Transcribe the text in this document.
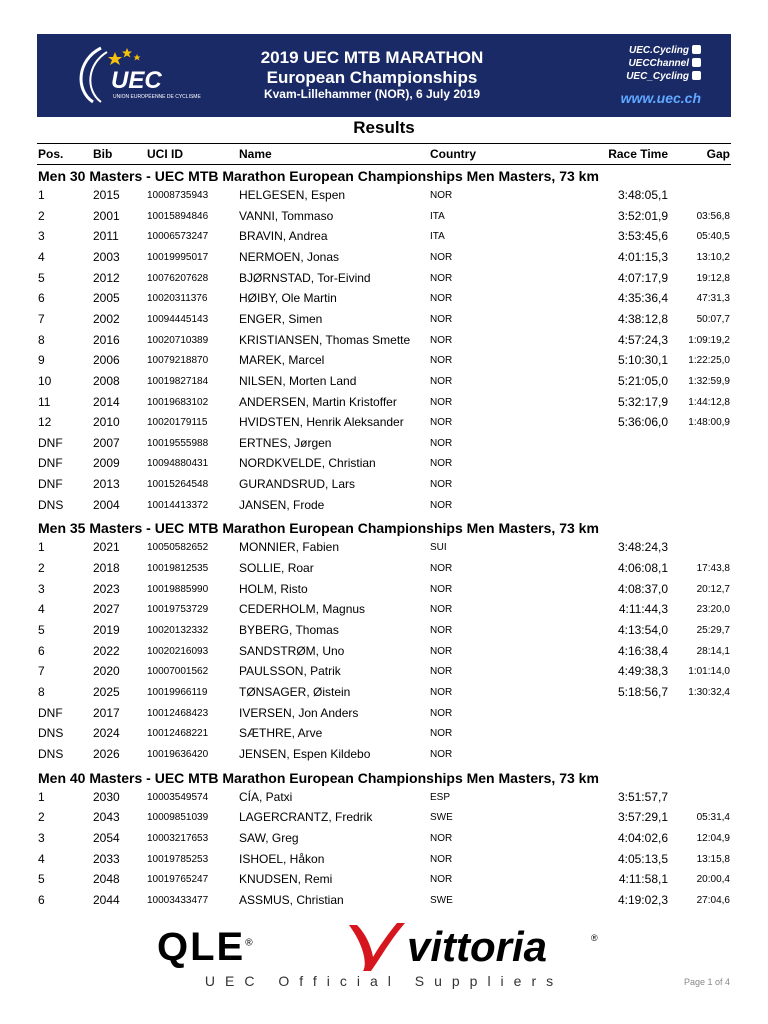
UEC
UNION EUROPÉENNE DE CYCLISME
2019 UEC MTB MARATHON
European Championships
Kvam-Lillehammer (NOR), 6 July 2019
UEC.Cycling
UECChannel
UEC_Cycling
www.uec.ch
Results
Pos. Bib	UCI ID	Name	Country	Race Time	Gap
Men 30 Masters - UEC MTB Marathon European Championships Men Masters, 73 km
1	2015	10008735943	HELGESEN, Espen	NOR	3:48:05,1
2	2001	10015894846	VANNI, Tommaso	ITA	3:52:01,9	03:56,8
3	2011	10006573247	BRAVIN, Andrea	ITA	3:53:45,6	05:40,5
4	2003	10019995017	NERMOEN, Jonas	NOR	4:01:15,3	13:10,2
5	2012	10076207628	BJØRNSTAD, Tor-Eivind	NOR	4:07:17,9	19:12,8
6	2005	10020311376	HØIBY, Ole Martin	NOR	4:35:36,4	47:31,3
7	2002	10094445143	ENGER, Simen	NOR	4:38:12,8	50:07,7
8	2016	10020710389	KRISTIANSEN, Thomas Smette NOR	4:57:24,3 1:09:19,2
9	2006	10079218870	MAREK, Marcel	NOR	5:10:30,1 1:22:25,0
10	2008	10019827184	NILSEN, Morten Land	NOR	5:21:05,0 1:32:59,9
11	2014	10019683102	ANDERSEN, Martin Kristoffer	NOR	5:32:17,9 1:44:12,8
12	2010	10020179115	HVIDSTEN, Henrik Aleksander	NOR	5:36:06,0 1:48:00,9
DNF	2007	10019555988	ERTNES, Jørgen	NOR
DNF	2009	10094880431	NORDKVELDE, Christian	NOR
DNF	2013	10015264548	GURANDSRUD, Lars	NOR
DNS 2004	10014413372	JANSEN, Frode	NOR
Men 35 Masters - UEC MTB Marathon European Championships Men Masters, 73 km
1	2021	10050582652	MONNIER, Fabien	SUI	3:48:24,3
2	2018	10019812535	SOLLIE, Roar	NOR	4:06:08,1	17:43,8
3	2023	10019885990	HOLM, Risto	NOR	4:08:37,0	20:12,7
4	2027	10019753729	CEDERHOLM, Magnus	NOR	4:11:44,3	23:20,0
5	2019	10020132332	BYBERG, Thomas	NOR	4:13:54,0	25:29,7
6	2022	10020216093	SANDSTRØM, Uno	NOR	4:16:38,4	28:14,1
7	2020	10007001562	PAULSSON, Patrik	NOR	4:49:38,3 1:01:14,0
8	2025	10019966119	TØNSAGER, Øistein	NOR	5:18:56,7 1:30:32,4
DNF	2017	10012468423	IVERSEN, Jon Anders	NOR
DNS 2024	10012468221	SÆTHRE, Arve	NOR
DNS 2026	10019636420	JENSEN, Espen Kildebo	NOR
Men 40 Masters - UEC MTB Marathon European Championships Men Masters, 73 km
1	2030	10003549574	CÍA, Patxi	ESP	3:51:57,7
2	2043	10009851039	LAGERCRANTZ, Fredrik	SWE	3:57:29,1	05:31,4
3	2054	10003217653	SAW, Greg	NOR	4:04:02,6	12:04,9
4	2033	10019785253	ISHOEL, Håkon	NOR	4:05:13,5	13:15,8
5	2048	10019765247	KNUDSEN, Remi	NOR	4:11:58,1	20:00,4
6	2044	10003433477	ASSMUS, Christian	SWE	4:19:02,3	27:04,6
QLE®	vittoria	®
UEC Official Suppliers	Page 1 of 4
